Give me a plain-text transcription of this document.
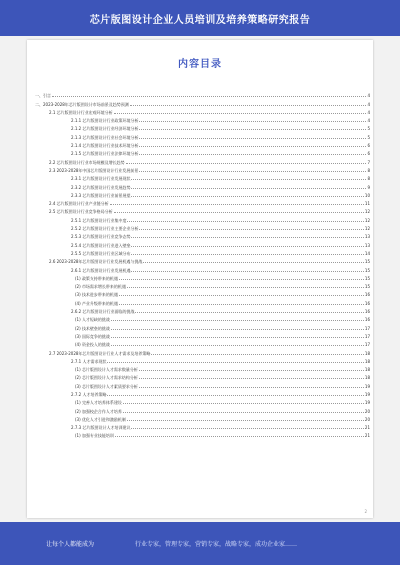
芯片版图设计企业人员培训及培养策略研究报告
内容目录
一、引言	4
二、2023-2028年芯片版图设计市场前景及趋势预测	4
2.1 芯片版图设计行业宏观环境分析	4
2.1.1 芯片版图设计行业政策环境分析	4
2.1.2 芯片版图设计行业经济环境分析	5
2.1.3 芯片版图设计行业社会环境分析	5
2.1.4 芯片版图设计行业技术环境分析	6
2.1.5 芯片版图设计行业法律环境分析	6
2.2 芯片版图设计行业市场规模及增长趋势	7
2.3 2023-2028年中国芯片版图设计行业发展前景	8
2.3.1 芯片版图设计行业发展现状	8
2.3.2 芯片版图设计行业发展趋势	9
2.3.3 芯片版图设计行业前景展望	10
2.4 芯片版图设计行业产业链分析	11
2.5 芯片版图设计行业竞争格局分析	12
2.5.1 芯片版图设计行业集中度	12
2.5.2 芯片版图设计行业主要企业分析	12
2.5.3 芯片版图设计行业竞争态势	13
2.5.4 芯片版图设计行业进入壁垒	13
2.5.5 芯片版图设计行业区域分布	14
2.6 2023-2028年芯片版图设计行业发展机遇与挑战	15
2.6.1 芯片版图设计行业发展机遇	15
(1) 政策支持带来的机遇	15
(2) 市场需求增长带来的机遇	15
(3) 技术进步带来的机遇	16
(4) 产业升级带来的机遇	16
2.6.2 芯片版图设计行业面临的挑战	16
(1) 人才短缺的挑战	16
(2) 技术壁垒的挑战	17
(3) 国际竞争的挑战	17
(4) 资金投入的挑战	17
2.7 2023-2028年芯片版图设计行业人才需求及培养策略	18
2.7.1 人才需求现状	18
(1) 芯片版图设计人才需求数量分析	18
(2) 芯片版图设计人才需求结构分析	18
(3) 芯片版图设计人才素质要求分析	19
2.7.2 人才培养策略	19
(1) 完善人才培养体系建设	19
(2) 加强校企合作人才培养	20
(3) 优化人才引进和激励机制	20
2.7.3 芯片版图设计人才培训建议	21
(1) 加强专业技能培训	21
2
让每个人都能成为	行业专家，管理专家，营销专家，战略专家，成功企业家……
